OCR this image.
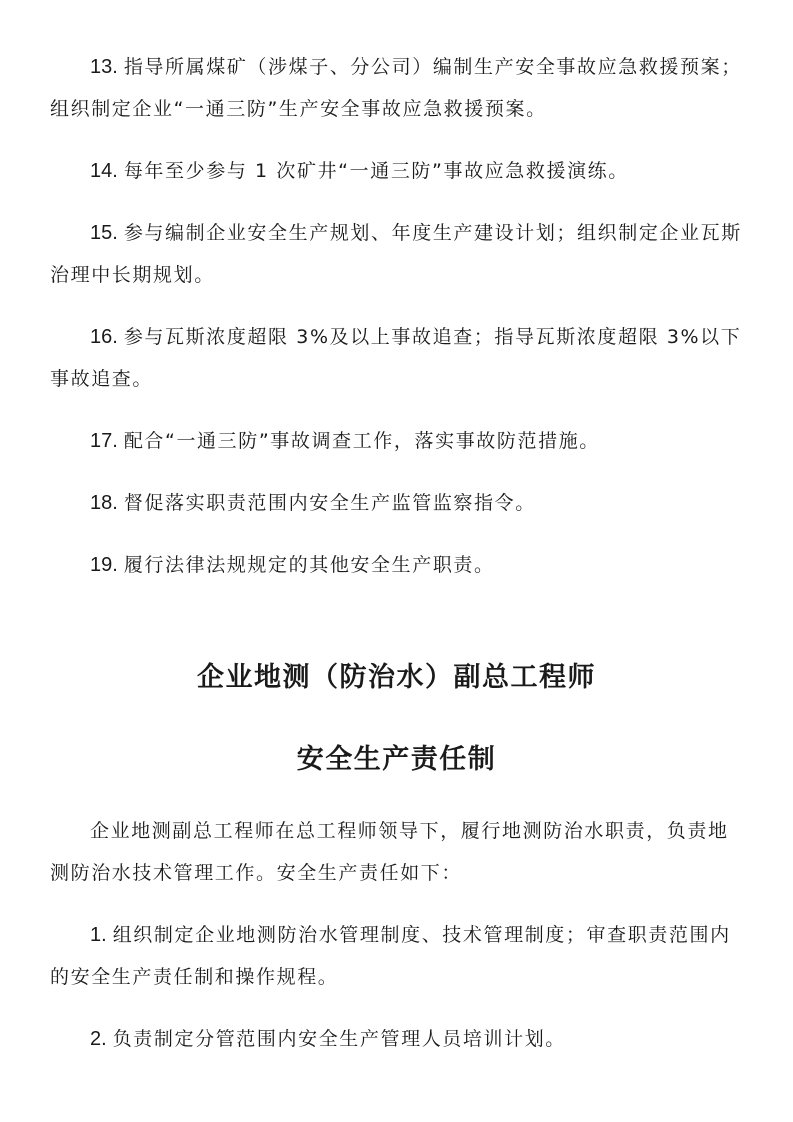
13. 指导所属煤矿（涉煤子、分公司）编制生产安全事故应急救援预案；组织制定企业“一通三防”生产安全事故应急救援预案。

14. 每年至少参与 1 次矿井“一通三防”事故应急救援演练。

15. 参与编制企业安全生产规划、年度生产建设计划；组织制定企业瓦斯治理中长期规划。

16. 参与瓦斯浓度超限 3%及以上事故追查；指导瓦斯浓度超限 3%以下事故追查。

17. 配合“一通三防”事故调查工作，落实事故防范措施。

18. 督促落实职责范围内安全生产监管监察指令。

19. 履行法律法规规定的其他安全生产职责。

企业地测（防治水）副总工程师
安全生产责任制

企业地测副总工程师在总工程师领导下，履行地测防治水职责，负责地测防治水技术管理工作。安全生产责任如下：

1. 组织制定企业地测防治水管理制度、技术管理制度；审查职责范围内的安全生产责任制和操作规程。

2. 负责制定分管范围内安全生产管理人员培训计划。
